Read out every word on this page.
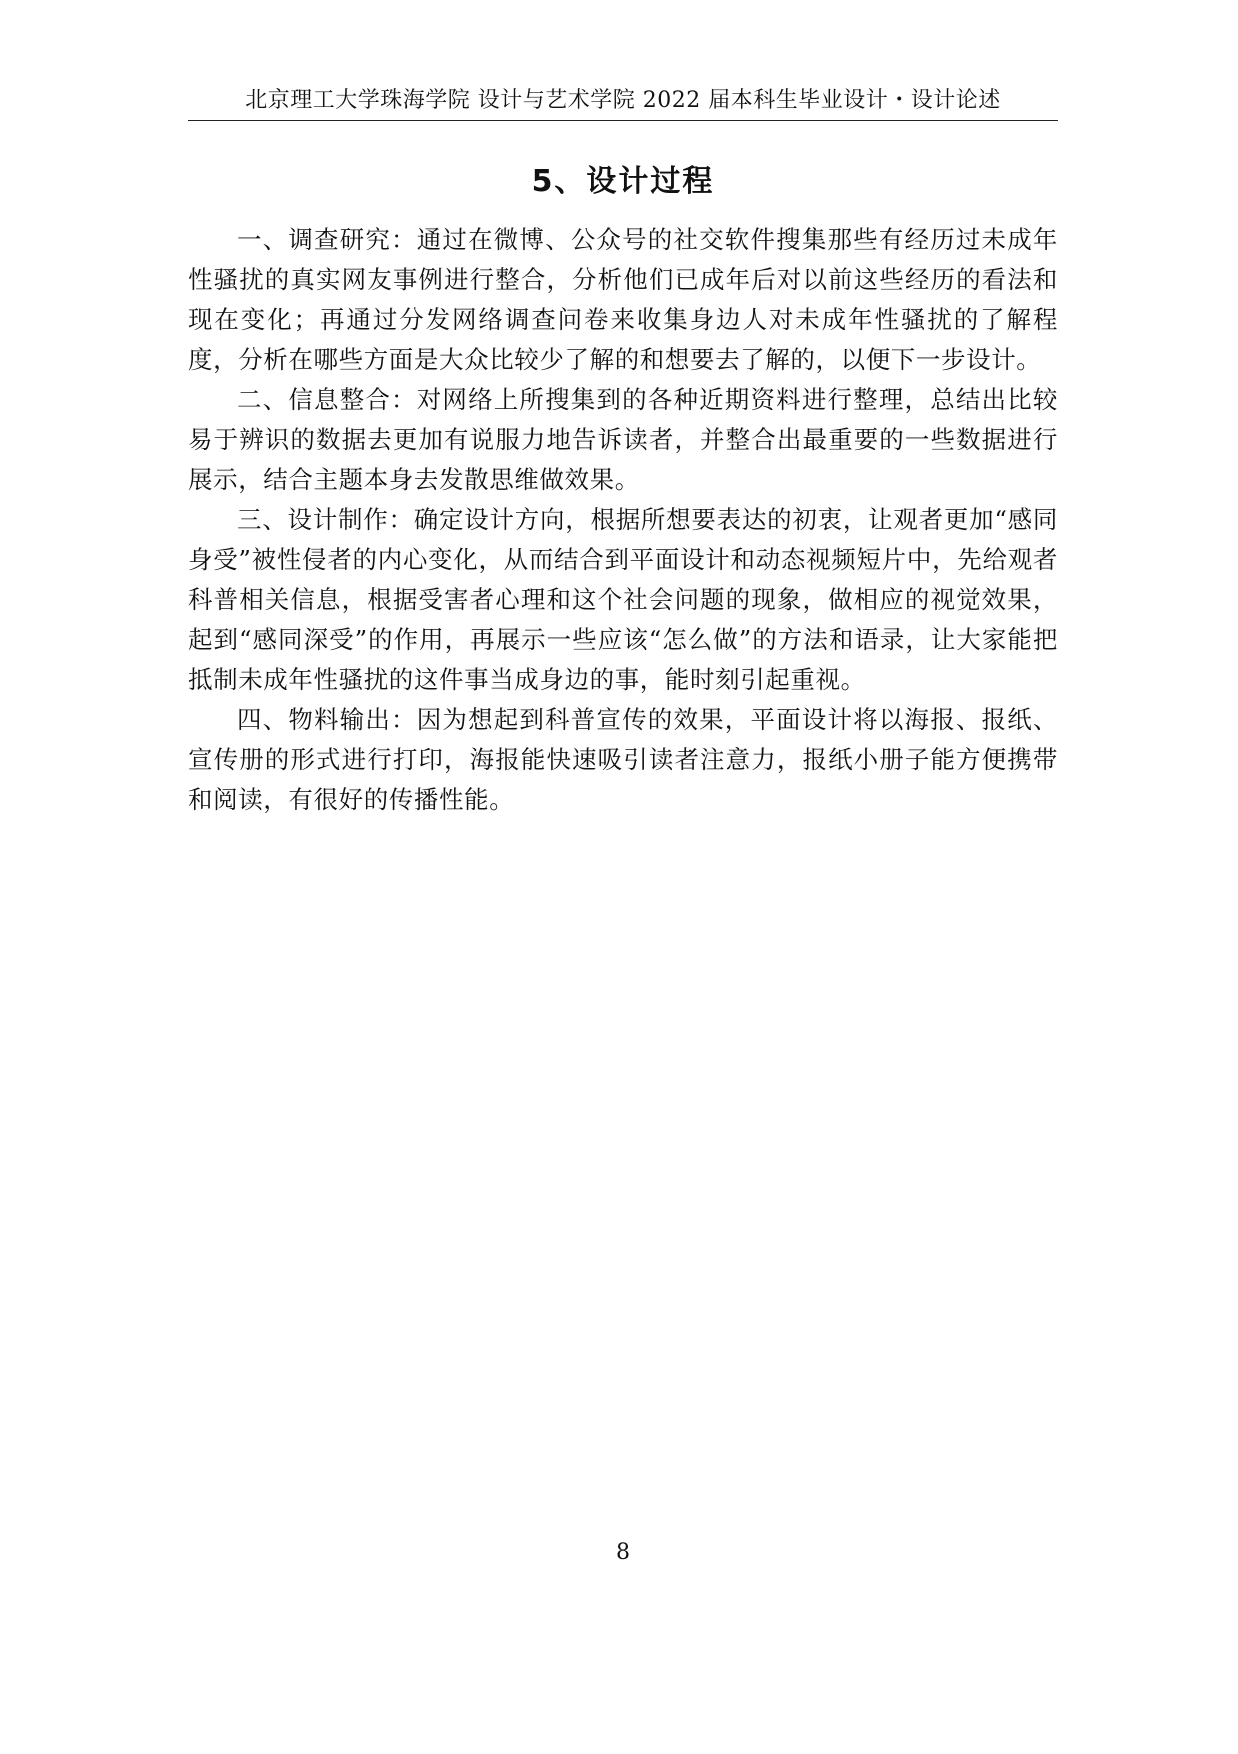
北京理工大学珠海学院 设计与艺术学院 2022 届本科生毕业设计・设计论述
5、设计过程

一、调查研究：通过在微博、公众号的社交软件搜集那些有经历过未成年性骚扰的真实网友事例进行整合，分析他们已成年后对以前这些经历的看法和现在变化；再通过分发网络调查问卷来收集身边人对未成年性骚扰的了解程度，分析在哪些方面是大众比较少了解的和想要去了解的，以便下一步设计。

二、信息整合：对网络上所搜集到的各种近期资料进行整理，总结出比较易于辨识的数据去更加有说服力地告诉读者，并整合出最重要的一些数据进行展示，结合主题本身去发散思维做效果。

三、设计制作：确定设计方向，根据所想要表达的初衷，让观者更加“感同身受”被性侵者的内心变化，从而结合到平面设计和动态视频短片中，先给观者科普相关信息，根据受害者心理和这个社会问题的现象，做相应的视觉效果，起到“感同深受”的作用，再展示一些应该“怎么做”的方法和语录，让大家能把抵制未成年性骚扰的这件事当成身边的事，能时刻引起重视。

四、物料输出：因为想起到科普宣传的效果，平面设计将以海报、报纸、宣传册的形式进行打印，海报能快速吸引读者注意力，报纸小册子能方便携带和阅读，有很好的传播性能。

8
